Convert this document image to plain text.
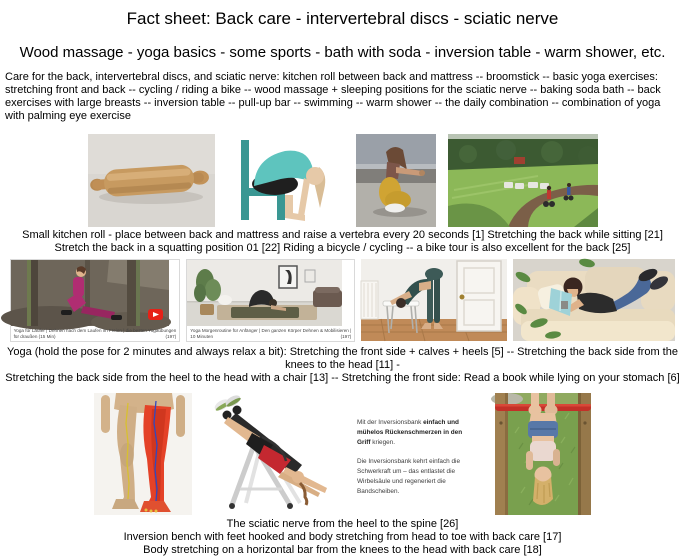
Fact sheet: Back care - intervertebral discs - sciatic nerve
Wood massage - yoga basics - some sports - bath with soda - inversion table - warm shower, etc.
Care for the back, intervertebral discs, and sciatic nerve: kitchen roll between back and mattress -- broomstick -- basic yoga exercises: stretching front and back -- cycling / riding a bike -- wood massage + sleeping positions for the sciatic nerve -- baking soda bath -- back exercises with large breasts -- inversion table -- pull-up bar -- swimming -- warm shower -- the daily combination -- combination of yoga with palming eye exercise
Small kitchen roll - place between back and mattress and raise a vertebra every 20 seconds [1] Stretching the back while sitting [21]
Stretch the back in a squatting position 01 [22] Riding a bicycle / cycling -- a bike tour is also excellent for the back [25]
Yoga für Läufer | Dehnen nach dem Laufen im Freien | die besten Yogaübungen
für draußen (15 Min)	(197)
Yoga Morgenroutine für Anfänger | Den ganzen Körper Dehnen & Mobilisieren |
10 Minuten	(197)
Yoga (hold the pose for 2 minutes and always relax a bit): Stretching the front side + calves + heels [5] -- Stretching the back side from the knees to the head [11] -
Stretching the back side from the heel to the head with a chair [13] -- Stretching the front side: Read a book while lying on your stomach [6]

Mit der Inversionsbank einfach und mühelos Rückenschmerzen in den Griff kriegen.

Die Inversionsbank kehrt einfach die Schwerkraft um – das entlastet die Wirbelsäule und regeneriert die Bandscheiben.

The sciatic nerve from the heel to the spine [26]
Inversion bench with feet hooked and body stretching from head to toe with back care [17]
Body stretching on a horizontal bar from the knees to the head with back care [18]
